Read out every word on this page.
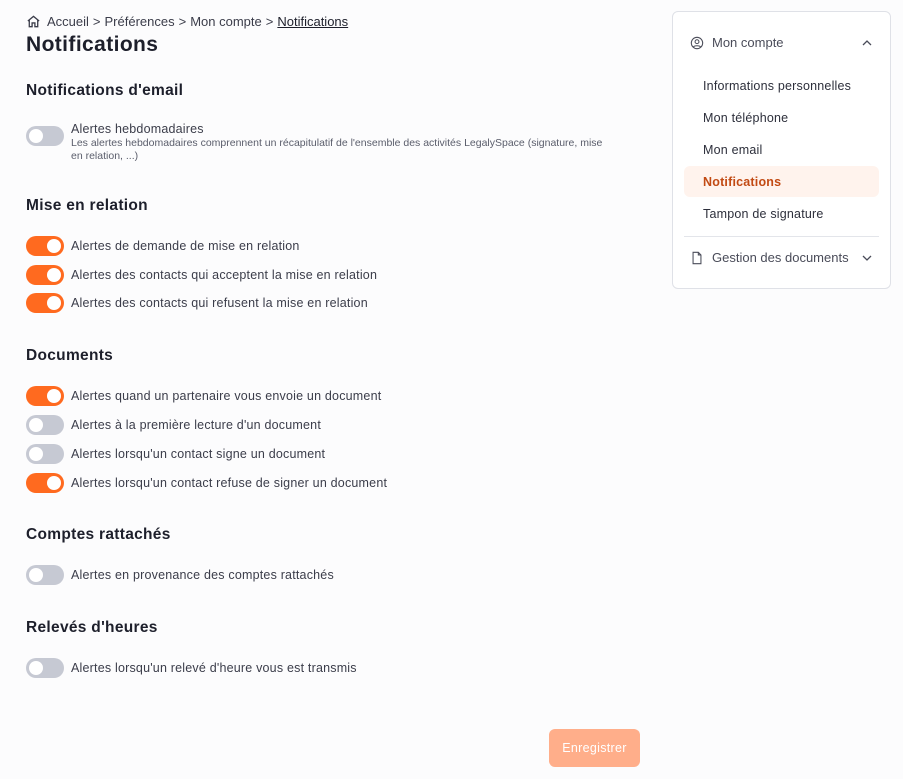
Accueil > Préférences > Mon compte > Notifications
Notifications
Notifications d'email
Alertes hebdomadaires
Les alertes hebdomadaires comprennent un récapitulatif de l'ensemble des activités LegalySpace (signature, mise en relation, ...)
Mise en relation
Alertes de demande de mise en relation
Alertes des contacts qui acceptent la mise en relation
Alertes des contacts qui refusent la mise en relation
Documents
Alertes quand un partenaire vous envoie un document
Alertes à la première lecture d'un document
Alertes lorsqu'un contact signe un document
Alertes lorsqu'un contact refuse de signer un document
Comptes rattachés
Alertes en provenance des comptes rattachés
Relevés d'heures
Alertes lorsqu'un relevé d'heure vous est transmis
Enregistrer
Mon compte
Informations personnelles
Mon téléphone
Mon email
Notifications
Tampon de signature
Gestion des documents
